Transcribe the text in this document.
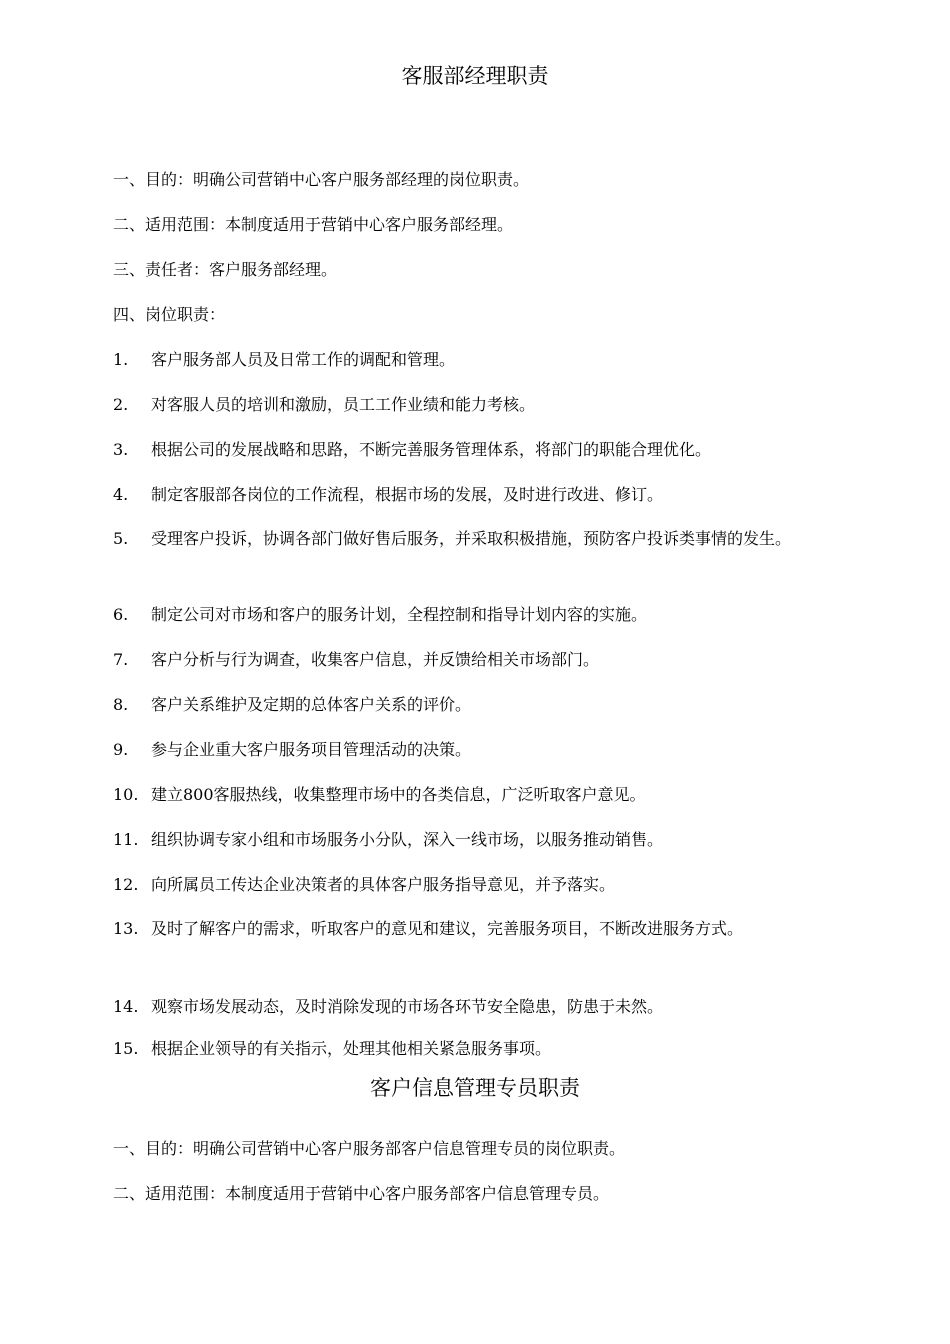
客服部经理职责
一、目的：明确公司营销中心客户服务部经理的岗位职责。
二、适用范围：本制度适用于营销中心客户服务部经理。
三、责任者：客户服务部经理。
四、岗位职责：
1. 客户服务部人员及日常工作的调配和管理。
2. 对客服人员的培训和激励，员工工作业绩和能力考核。
3. 根据公司的发展战略和思路，不断完善服务管理体系，将部门的职能合理优化。
4. 制定客服部各岗位的工作流程，根据市场的发展，及时进行改进、修订。
5. 受理客户投诉，协调各部门做好售后服务，并采取积极措施，预防客户投诉类事情的发生。
6. 制定公司对市场和客户的服务计划，全程控制和指导计划内容的实施。
7. 客户分析与行为调查，收集客户信息，并反馈给相关市场部门。
8. 客户关系维护及定期的总体客户关系的评价。
9. 参与企业重大客户服务项目管理活动的决策。
10. 建立800客服热线，收集整理市场中的各类信息，广泛听取客户意见。
11. 组织协调专家小组和市场服务小分队，深入一线市场，以服务推动销售。
12. 向所属员工传达企业决策者的具体客户服务指导意见，并予落实。
13. 及时了解客户的需求，听取客户的意见和建议，完善服务项目，不断改进服务方式。
14. 观察市场发展动态，及时消除发现的市场各环节安全隐患，防患于未然。
15. 根据企业领导的有关指示，处理其他相关紧急服务事项。
客户信息管理专员职责
一、目的：明确公司营销中心客户服务部客户信息管理专员的岗位职责。
二、适用范围：本制度适用于营销中心客户服务部客户信息管理专员。
